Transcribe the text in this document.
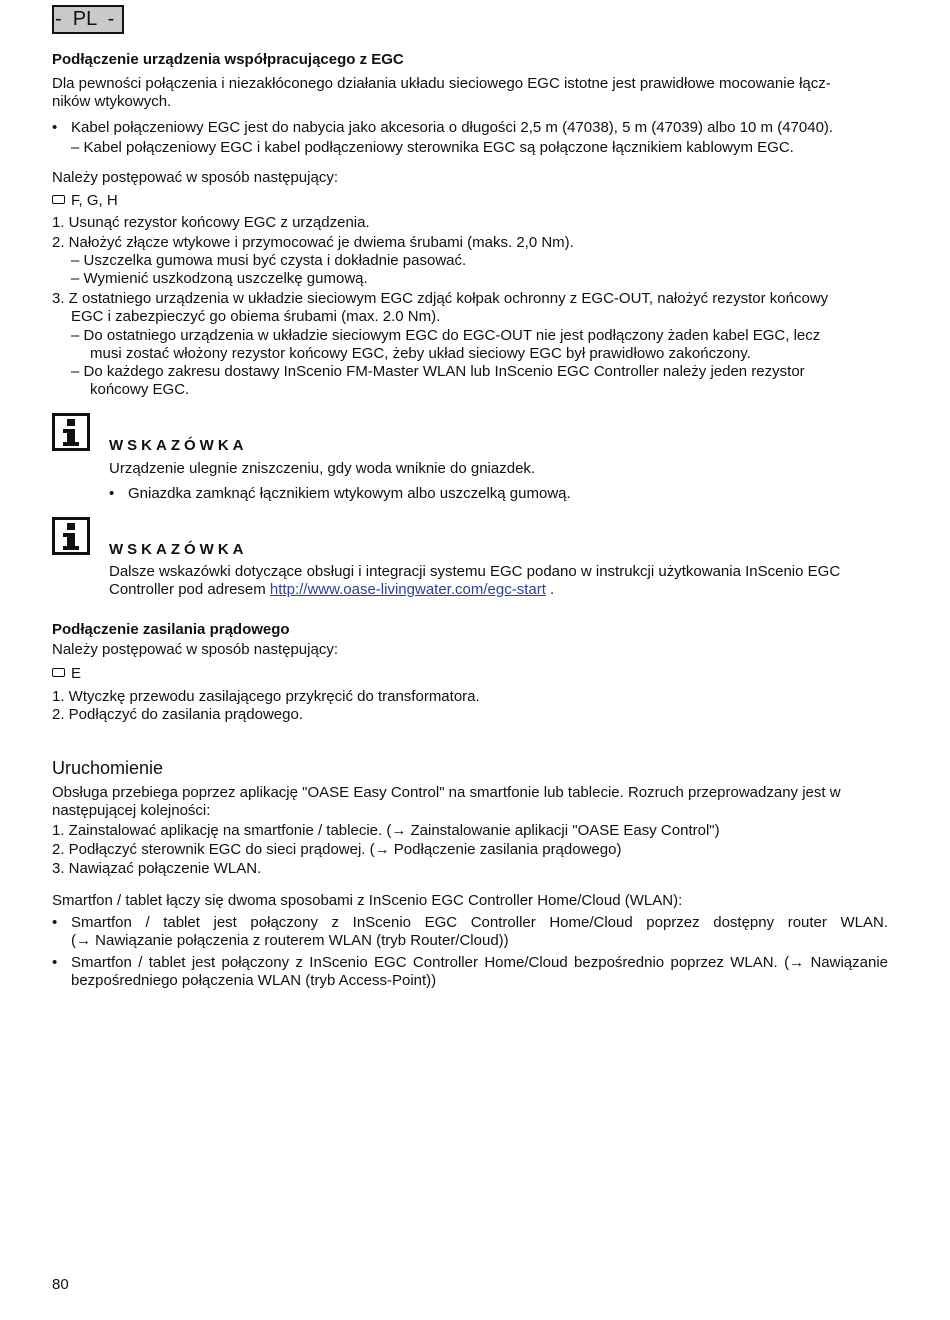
-  PL  -
Podłączenie urządzenia współpracującego z EGC
Dla pewności połączenia i niezakłóconego działania układu sieciowego EGC istotne jest prawidłowe mocowanie łącz-
ników wtykowych.
• Kabel połączeniowy EGC jest do nabycia jako akcesoria o długości 2,5 m (47038), 5 m (47039) albo 10 m (47040).
– Kabel połączeniowy EGC i kabel podłączeniowy sterownika EGC są połączone łącznikiem kablowym EGC.
Należy postępować w sposób następujący:
F, G, H
1. Usunąć rezystor końcowy EGC z urządzenia.
2. Nałożyć złącze wtykowe i przymocować je dwiema śrubami (maks. 2,0 Nm).
– Uszczelka gumowa musi być czysta i dokładnie pasować.
– Wymienić uszkodzoną uszczelkę gumową.
3. Z ostatniego urządzenia w układzie sieciowym EGC zdjąć kołpak ochronny z EGC-OUT, nałożyć rezystor końcowy
EGC i zabezpieczyć go obiema śrubami (max. 2.0 Nm).
– Do ostatniego urządzenia w układzie sieciowym EGC do EGC-OUT nie jest podłączony żaden kabel EGC, lecz
musi zostać włożony rezystor końcowy EGC, żeby układ sieciowy EGC był prawidłowo zakończony.
– Do każdego zakresu dostawy InScenio FM-Master WLAN lub InScenio EGC Controller należy jeden rezystor
końcowy EGC.
WSKAZÓWKA
Urządzenie ulegnie zniszczeniu, gdy woda wniknie do gniazdek.
• Gniazdka zamknąć łącznikiem wtykowym albo uszczelką gumową.
WSKAZÓWKA
Dalsze wskazówki dotyczące obsługi i integracji systemu EGC podano w instrukcji użytkowania InScenio EGC
Controller pod adresem http://www.oase-livingwater.com/egc-start .
Podłączenie zasilania prądowego
Należy postępować w sposób następujący:
E
1. Wtyczkę przewodu zasilającego przykręcić do transformatora.
2. Podłączyć do zasilania prądowego.
Uruchomienie
Obsługa przebiega poprzez aplikację "OASE Easy Control" na smartfonie lub tablecie. Rozruch przeprowadzany jest w
następującej kolejności:
1. Zainstalować aplikację na smartfonie / tablecie. (→ Zainstalowanie aplikacji "OASE Easy Control")
2. Podłączyć sterownik EGC do sieci prądowej. (→ Podłączenie zasilania prądowego)
3. Nawiązać połączenie WLAN.
Smartfon / tablet łączy się dwoma sposobami z InScenio EGC Controller Home/Cloud (WLAN):
• Smartfon / tablet jest połączony z InScenio EGC Controller Home/Cloud poprzez dostępny router WLAN.
(→ Nawiązanie połączenia z routerem WLAN (tryb Router/Cloud))
• Smartfon / tablet jest połączony z InScenio EGC Controller Home/Cloud bezpośrednio poprzez WLAN. (→ Nawiązanie
bezpośredniego połączenia WLAN (tryb Access-Point))
80
